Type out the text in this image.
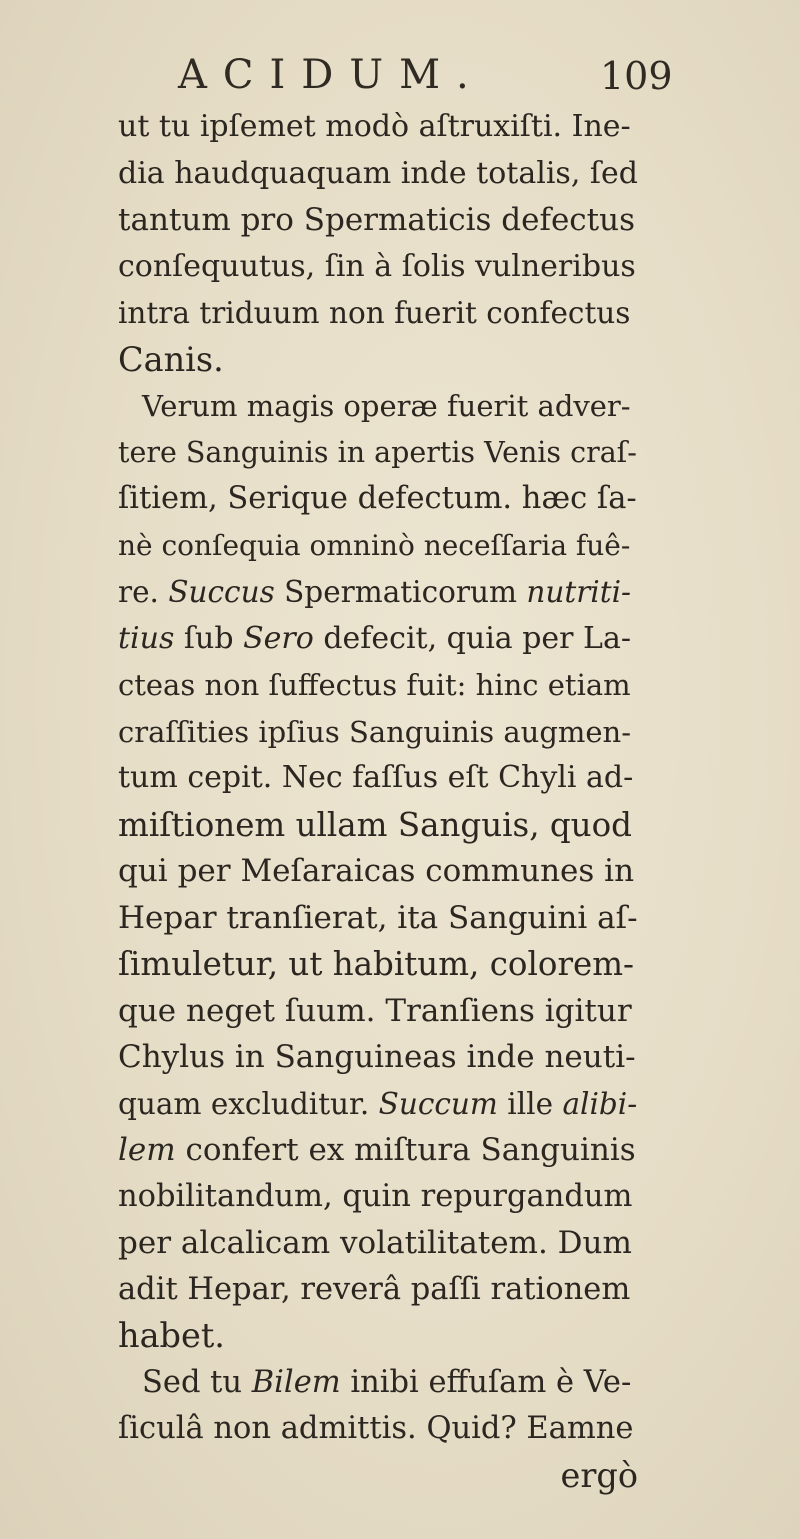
ACIDUM.	109
ut tu ipſemet modò aſtruxiſti. Ine-
dia haudquaquam inde totalis, ſed
tantum pro Spermaticis defectus
conſequutus, ſin à ſolis vulneribus
intra triduum non fuerit confectus
Canis.
Verum magis operæ fuerit adver-
tere Sanguinis in apertis Venis craſ-
ſitiem, Serique defectum. hæc ſa-
nè conſequia omninò neceſſaria fuê-
re. Succus Spermaticorum nutriti-
tius ſub Sero defecit, quia per La-
cteas non ſuffectus fuit: hinc etiam
craſſities ipſius Sanguinis augmen-
tum cepit. Nec faſſus eſt Chyli ad-
miſtionem ullam Sanguis, quod
qui per Meſaraicas communes in
Hepar tranſierat, ita Sanguini aſ-
ſimuletur, ut habitum, colorem-
que neget ſuum. Tranſiens igitur
Chylus in Sanguineas inde neuti-
quam excluditur. Succum ille alibi-
lem confert ex miſtura Sanguinis
nobilitandum, quin repurgandum
per alcalicam volatilitatem. Dum
adit Hepar, reverâ paſſi rationem
habet.
Sed tu Bilem inibi effuſam è Ve-
ſiculâ non admittis. Quid? Eamne
ergò
